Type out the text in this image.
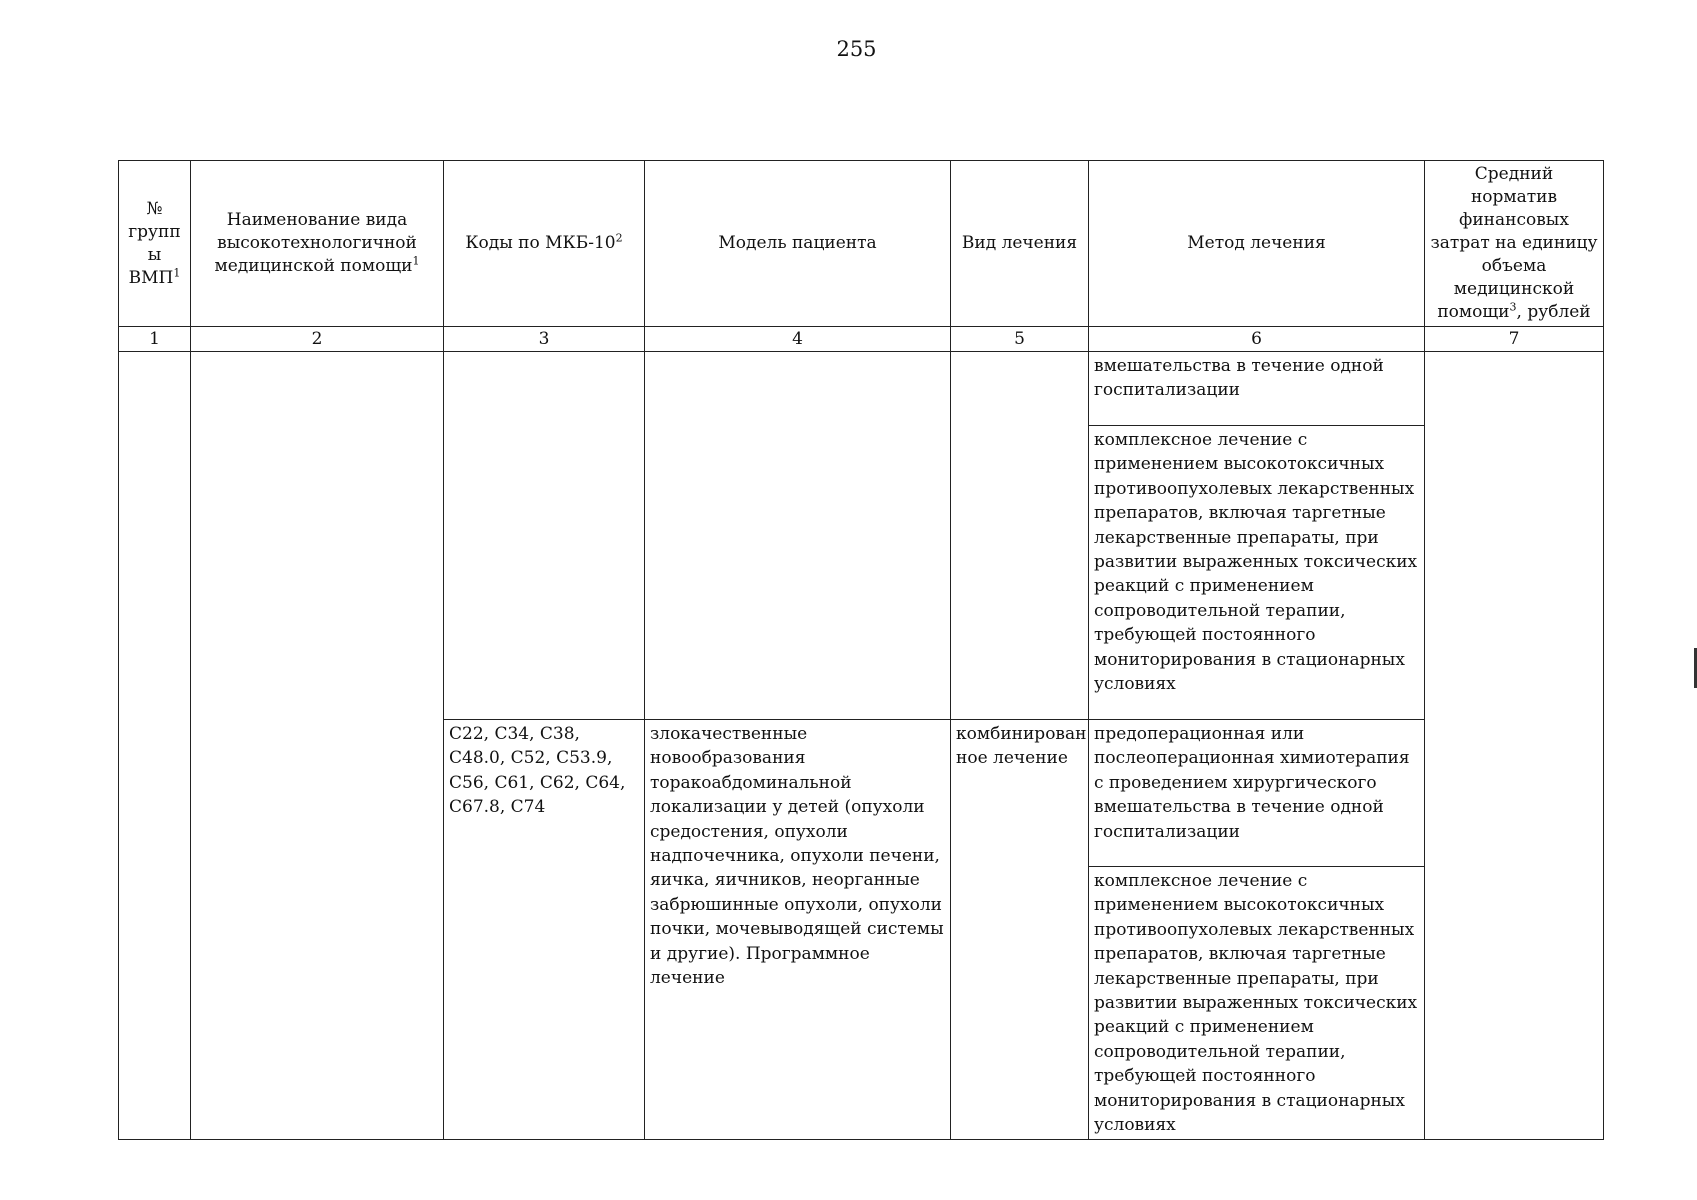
255
№ групп ы ВМП$^1$	Наименование вида высокотехнологичной медицинской помощи$^1$	Коды по МКБ-$10^2$	Модель пациента	Вид лечения	Метод лечения	Средний норматив финансовых затрат на единицу объема медицинской помощи$^3$, рублей
1	2	3	4	5	6	7
					вмешательства в течение одной госпитализации	
					комплексное лечение с применением высокотоксичных противоопухолевых лекарственных препаратов, включая таргетные лекарственные препараты, при развитии выраженных токсических реакций с применением сопроводительной терапии, требующей постоянного мониторирования в стационарных условиях	
		C22, C34, C38, C48.0, C52, C53.9, C56, C61, C62, C64, C67.8, C74	злокачественные новообразования торакоабдоминальной локализации у детей (опухоли средостения, опухоли надпочечника, опухоли печени, яичка, яичников, неорганные забрюшинные опухоли, опухоли почки, мочевыводящей системы и другие). Программное лечение	комбинирован ное лечение	предоперационная или послеоперационная химиотерапия с проведением хирургического вмешательства в течение одной госпитализации	
					комплексное лечение с применением высокотоксичных противоопухолевых лекарственных препаратов, включая таргетные лекарственные препараты, при развитии выраженных токсических реакций с применением сопроводительной терапии, требующей постоянного мониторирования в стационарных условиях	
